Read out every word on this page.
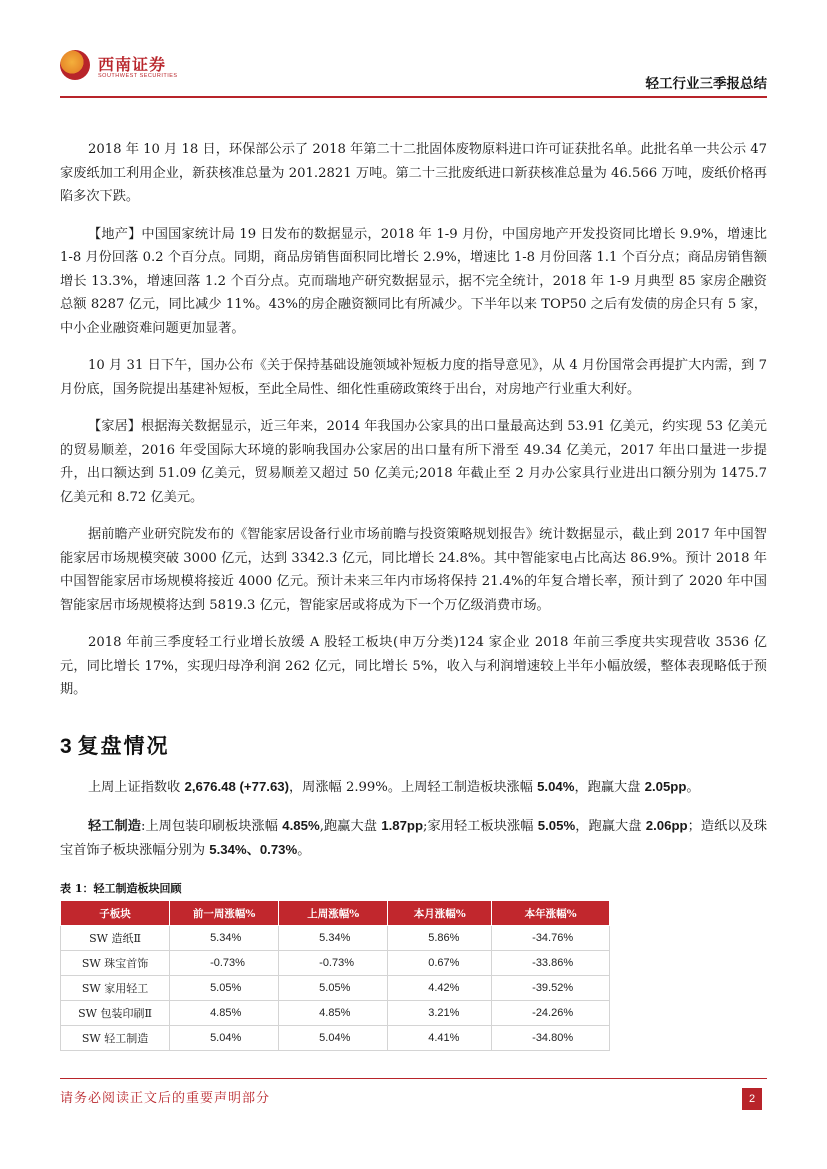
西南证券
SOUTHWEST SECURITIES	轻工行业三季报总结

2018 年 10 月 18 日，环保部公示了 2018 年第二十二批固体废物原料进口许可证获批名单。此批名单一共公示 47 家废纸加工利用企业，新获核准总量为 201.2821 万吨。第二十三批废纸进口新获核准总量为 46.566 万吨，废纸价格再陷多次下跌。

【地产】中国国家统计局 19 日发布的数据显示，2018 年 1-9 月份，中国房地产开发投资同比增长 9.9%，增速比 1-8 月份回落 0.2 个百分点。同期，商品房销售面积同比增长 2.9%，增速比 1-8 月份回落 1.1 个百分点；商品房销售额增长 13.3%，增速回落 1.2 个百分点。克而瑞地产研究数据显示，据不完全统计，2018 年 1-9 月典型 85 家房企融资总额 8287 亿元，同比减少 11%。43%的房企融资额同比有所减少。下半年以来 TOP50 之后有发债的房企只有 5 家，中小企业融资难问题更加显著。

10 月 31 日下午，国办公布《关于保持基础设施领域补短板力度的指导意见》，从 4 月份国常会再提扩大内需，到 7 月份底，国务院提出基建补短板，至此全局性、细化性重磅政策终于出台，对房地产行业重大利好。

【家居】根据海关数据显示，近三年来，2014 年我国办公家具的出口量最高达到 53.91 亿美元，约实现 53 亿美元的贸易顺差，2016 年受国际大环境的影响我国办公家居的出口量有所下滑至 49.34 亿美元，2017 年出口量进一步提升，出口额达到 51.09 亿美元，贸易顺差又超过 50 亿美元;2018 年截止至 2 月办公家具行业进出口额分别为 1475.7 亿美元和 8.72 亿美元。

据前瞻产业研究院发布的《智能家居设备行业市场前瞻与投资策略规划报告》统计数据显示，截止到 2017 年中国智能家居市场规模突破 3000 亿元，达到 3342.3 亿元，同比增长 24.8%。其中智能家电占比高达 86.9%。预计 2018 年中国智能家居市场规模将接近 4000 亿元。预计未来三年内市场将保持 21.4%的年复合增长率，预计到了 2020 年中国智能家居市场规模将达到 5819.3 亿元，智能家居或将成为下一个万亿级消费市场。

2018 年前三季度轻工行业增长放缓 A 股轻工板块(申万分类)124 家企业 2018 年前三季度共实现营收 3536 亿元，同比增长 17%，实现归母净利润 262 亿元，同比增长 5%，收入与利润增速较上半年小幅放缓，整体表现略低于预期。

3 复盘情况

上周上证指数收 2,676.48 (+77.63)，周涨幅 2.99%。上周轻工制造板块涨幅 5.04%，跑赢大盘 2.05pp。

轻工制造:上周包装印刷板块涨幅 4.85%,跑赢大盘 1.87pp;家用轻工板块涨幅 5.05%，跑赢大盘 2.06pp；造纸以及珠宝首饰子板块涨幅分别为 5.34%、0.73%。

表 1：轻工制造板块回顾
子板块	前一周涨幅%	上周涨幅%	本月涨幅%	本年涨幅%
SW 造纸Ⅱ	5.34%	5.34%	5.86%	-34.76%
SW 珠宝首饰	-0.73%	-0.73%	0.67%	-33.86%
SW 家用轻工	5.05%	5.05%	4.42%	-39.52%
SW 包装印刷Ⅱ	4.85%	4.85%	3.21%	-24.26%
SW 轻工制造	5.04%	5.04%	4.41%	-34.80%
请务必阅读正文后的重要声明部分	2
